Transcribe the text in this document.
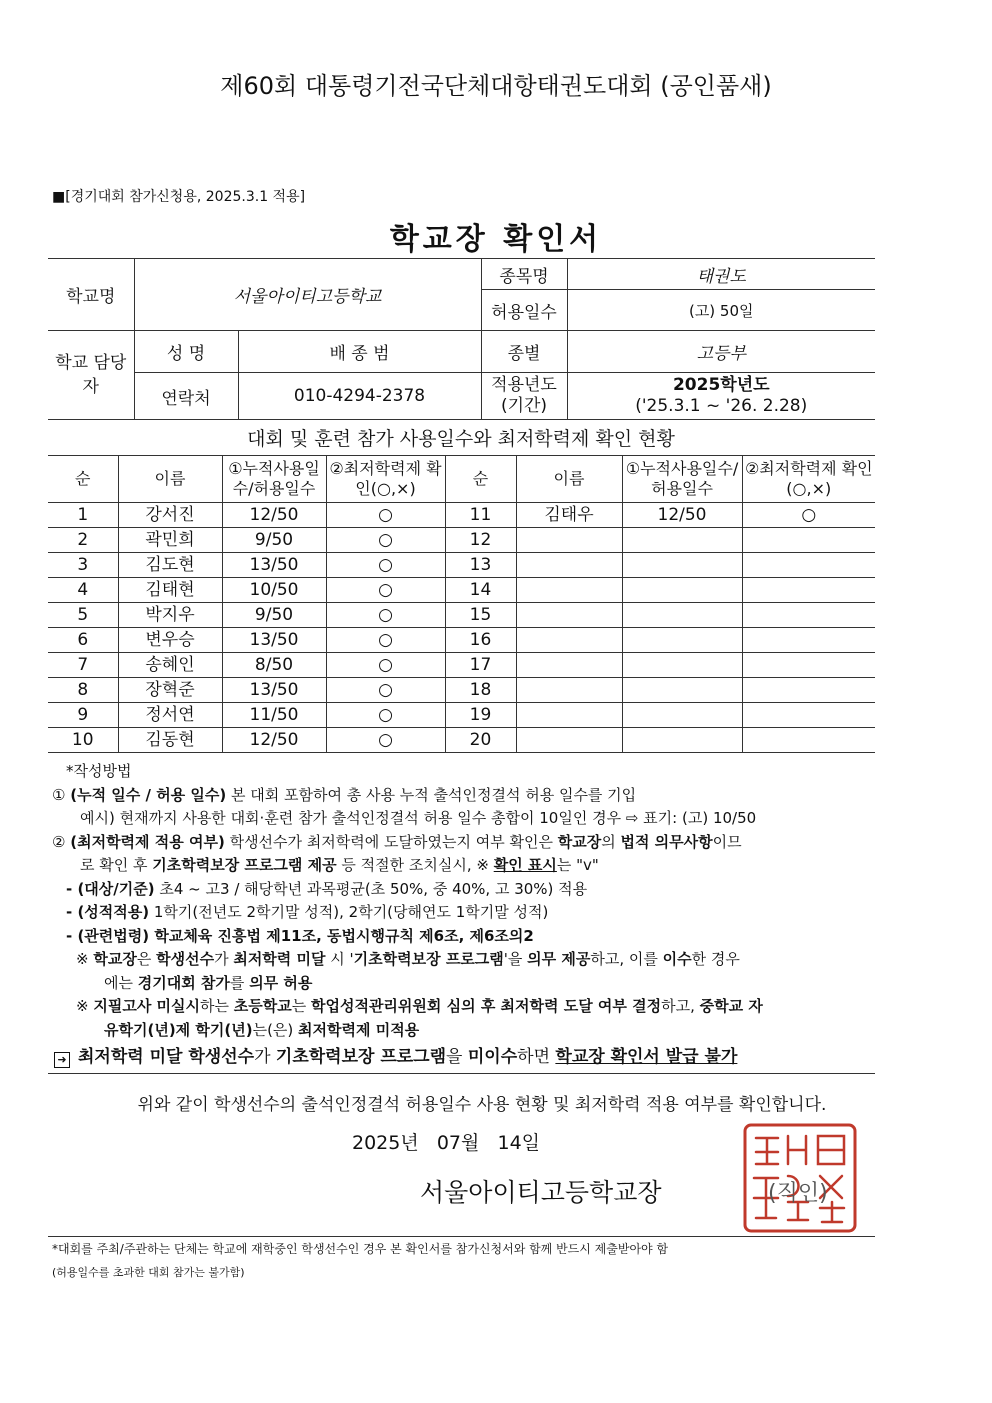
제60회 대통령기전국단체대항태권도대회 (공인품새)
■[경기대회 참가신청용, 2025.3.1 적용]
학교장 확인서
학교명	서울아이티고등학교		종목명	태권도
			허용일수	(고) 50일
학교 담당자	성 명	배 종 범	종별	고등부
	연락처	010-4294-2378	적용년도 (기간)	2025학년도
('25.3.1 ~ '26. 2.28)
대회 및 훈련 참가 사용일수와 최저학력제 확인 현황
순	이름	①누적사용일수/허용일수	②최저학력제 확인(○,×)	순	이름	①누적사용일수/허용일수	②최저학력제 확인(○,×)
1	강서진	12/50	○	11	김태우	12/50	○
2	곽민희	9/50	○	12			
3	김도현	13/50	○	13			
4	김태현	10/50	○	14			
5	박지우	9/50	○	15			
6	변우승	13/50	○	16			
7	송혜인	8/50	○	17			
8	장혁준	13/50	○	18			
9	정서연	11/50	○	19			
10	김동현	12/50	○	20			

*작성방법

① (누적 일수 / 허용 일수) 본 대회 포함하여 총 사용 누적 출석인정결석 허용 일수를 기입

예시) 현재까지 사용한 대회·훈련 참가 출석인정결석 허용 일수 총합이 10일인 경우 ⇨ 표기: (고) 10/50

② (최저학력제 적용 여부) 학생선수가 최저학력에 도달하였는지 여부 확인은 학교장의 법적 의무사항이므

로 확인 후 기초학력보장 프로그램 제공 등 적절한 조치실시, ※ 확인 표시는 "v"

- (대상/기준) 초4 ~ 고3 / 해당학년 과목평균(초 50%, 중 40%, 고 30%) 적용

- (성적적용) 1학기(전년도 2학기말 성적), 2학기(당해연도 1학기말 성적)

- (관련법령) 학교체육 진흥법 제11조, 동법시행규칙 제6조, 제6조의2

※ 학교장은 학생선수가 최저학력 미달 시 '기초학력보장 프로그램'을 의무 제공하고, 이를 이수한 경우

에는 경기대회 참가를 의무 허용

※ 지필고사 미실시하는 초등학교는 학업성적관리위원회 심의 후 최저학력 도달 여부 결정하고, 중학교 자

유학기(년)제 학기(년)는(은) 최저학력제 미적용

➜ 최저학력 미달 학생선수가 기초학력보장 프로그램을 미이수하면 학교장 확인서 발급 불가

위와 같이 학생선수의 출석인정결석 허용일수 사용 현황 및 최저학력 적용 여부를 확인합니다.
2025년   07월   14일
서울아이티고등학교장	(직인)
*대회를 주최/주관하는 단체는 학교에 재학중인 학생선수인 경우 본 확인서를 참가신청서와 함께 반드시 제출받아야 함
(허용일수를 초과한 대회 참가는 불가함)
